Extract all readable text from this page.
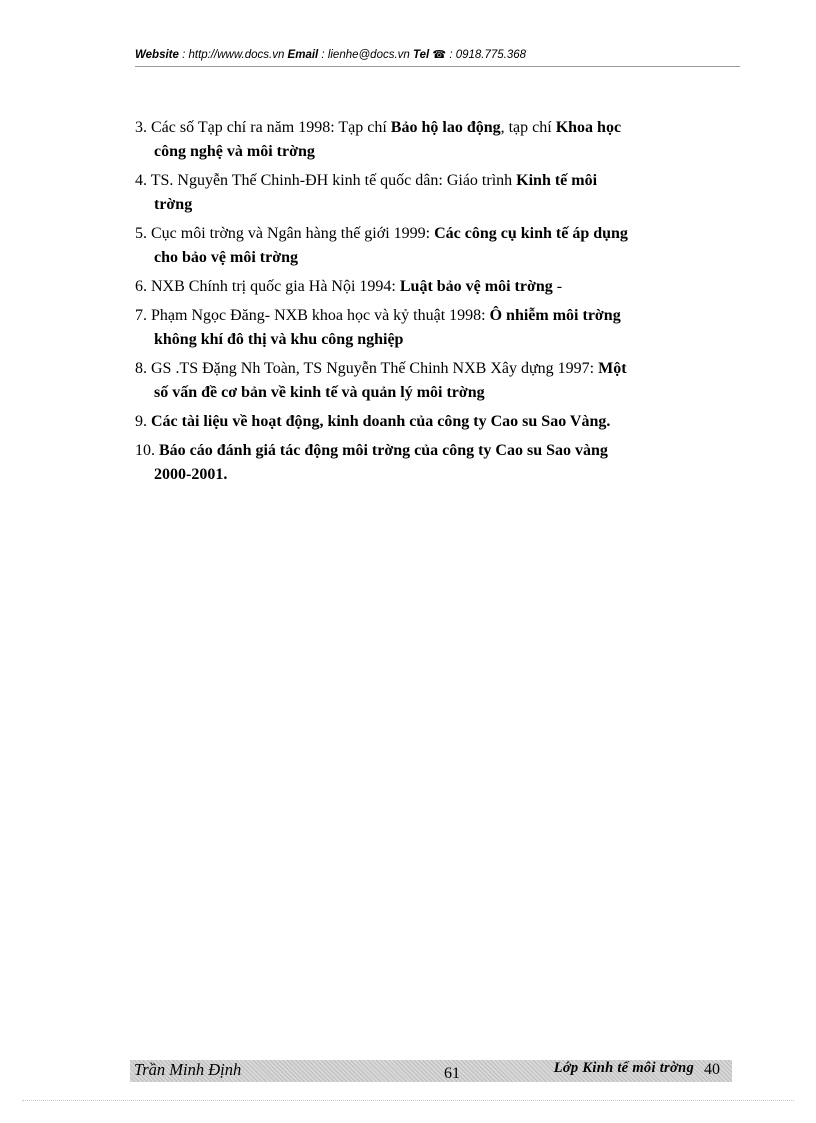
Website : http://www.docs.vn Email : lienhe@docs.vn Tel ☎ : 0918.775.368
3. Các số Tạp chí ra năm 1998: Tạp chí Bảo hộ lao động, tạp chí Khoa học
công nghệ và môi trờng
4. TS. Nguyễn Thế Chinh-ĐH kinh tế quốc dân: Giáo trình Kinh tế môi
trờng
5. Cục môi trờng và Ngân hàng thế giới 1999: Các công cụ kinh tế áp dụng
cho bảo vệ môi trờng
6. NXB Chính trị quốc gia Hà Nội 1994: Luật bảo vệ môi trờng -
7. Phạm Ngọc Đăng- NXB khoa học và kỷ thuật 1998: Ô nhiễm môi trờng
không khí đô thị và khu công nghiệp
8. GS .TS Đặng Nh Toàn, TS Nguyễn Thế Chinh NXB Xây dựng 1997: Một
số vấn đề cơ bản về kinh tế và quản lý môi trờng
9. Các tài liệu về hoạt động, kinh doanh của công ty Cao su Sao Vàng.
10. Báo cáo đánh giá tác động môi trờng của công ty Cao su Sao vàng
2000-2001.
Trần Minh Định	61	Lớp Kinh tế môi trờng 40
